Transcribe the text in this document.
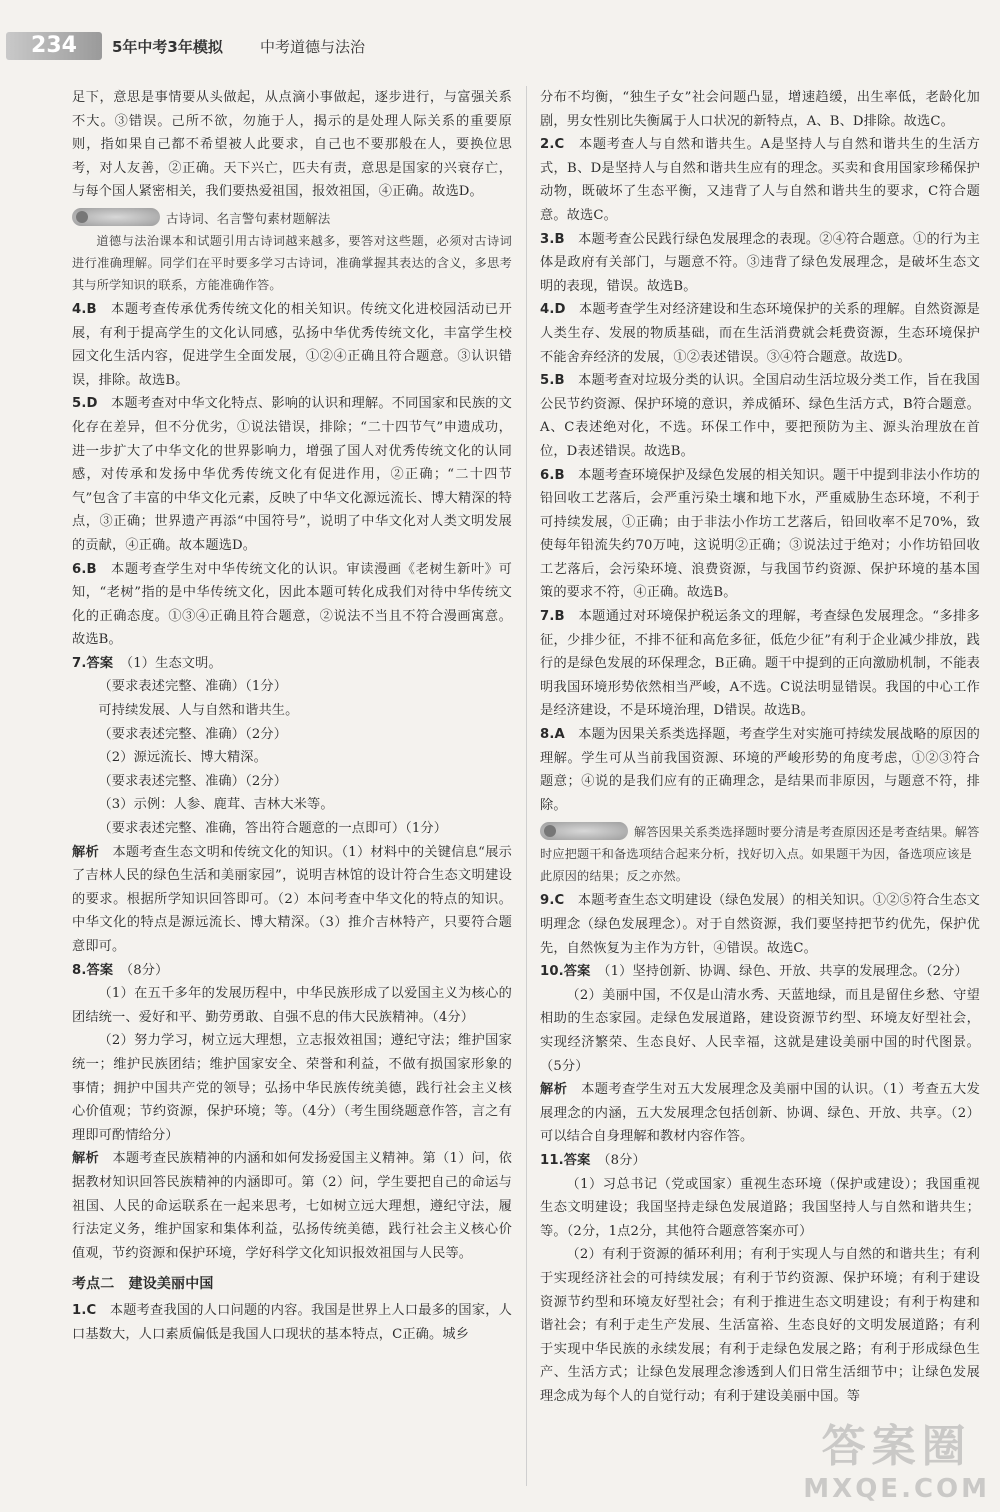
234	5年中考3年模拟 中考道德与法治

足下，意思是事情要从头做起，从点滴小事做起，逐步进行，与富强关系不大。③错误。己所不欲，勿施于人，揭示的是处理人际关系的重要原则，指如果自己都不希望被人此要求，自己也不要那般在人，要换位思考，对人友善，②正确。天下兴亡，匹夫有责，意思是国家的兴衰存亡，与每个国人紧密相关，我们要热爱祖国，报效祖国，④正确。故选D。

古诗词、名言警句素材题解法

道德与法治课本和试题引用古诗词越来越多，要答对这些题，必须对古诗词进行准确理解。同学们在平时要多学习古诗词，准确掌握其表达的含义，多思考其与所学知识的联系，方能准确作答。

4.B　 本题考查传承优秀传统文化的相关知识。传统文化进校园活动已开展，有利于提高学生的文化认同感，弘扬中华优秀传统文化，丰富学生校园文化生活内容，促进学生全面发展，①②④正确且符合题意。③认识错误，排除。故选B。

5.D　 本题考查对中华文化特点、影响的认识和理解。不同国家和民族的文化存在差异，但不分优劣，①说法错误，排除；“二十四节气”申遗成功，进一步扩大了中华文化的世界影响力，增强了国人对优秀传统文化的认同感，对传承和发扬中华优秀传统文化有促进作用，②正确；“二十四节气”包含了丰富的中华文化元素，反映了中华文化源远流长、博大精深的特点，③正确；世界遗产再添“中国符号”，说明了中华文化对人类文明发展的贡献，④正确。故本题选D。

6.B　 本题考查学生对中华传统文化的认识。审读漫画《老树生新叶》可知，“老树”指的是中华传统文化，因此本题可转化成我们对待中华传统文化的正确态度。①③④正确且符合题意，②说法不当且不符合漫画寓意。故选B。

7.答案　 （1）生态文明。

（要求表述完整、准确）（1分）

可持续发展、人与自然和谐共生。

（要求表述完整、准确）（2分）

（2）源远流长、博大精深。

（要求表述完整、准确）（2分）

（3）示例：人参、鹿茸、吉林大米等。

（要求表述完整、准确，答出符合题意的一点即可）（1分）

解析　 本题考查生态文明和传统文化的知识。（1）材料中的关键信息“展示了吉林人民的绿色生活和美丽家园”，说明吉林馆的设计符合生态文明建设的要求。根据所学知识回答即可。（2）本问考查中华文化的特点的知识。中华文化的特点是源远流长、博大精深。（3）推介吉林特产，只要符合题意即可。

8.答案　 （8分）

（1）在五千多年的发展历程中，中华民族形成了以爱国主义为核心的团结统一、爱好和平、勤劳勇敢、自强不息的伟大民族精神。（4分）

（2）努力学习，树立远大理想，立志报效祖国；遵纪守法；维护国家统一；维护民族团结；维护国家安全、荣誉和利益，不做有损国家形象的事情；拥护中国共产党的领导；弘扬中华民族传统美德，践行社会主义核心价值观；节约资源，保护环境；等。（4分）（考生围绕题意作答，言之有理即可酌情给分）

解析　 本题考查民族精神的内涵和如何发扬爱国主义精神。第（1）问，依据教材知识回答民族精神的内涵即可。第（2）问，学生要把自己的命运与祖国、人民的命运联系在一起来思考，七如树立远大理想，遵纪守法，履行法定义务，维护国家和集体利益，弘扬传统美德，践行社会主义核心价值观，节约资源和保护环境，学好科学文化知识报效祖国与人民等。

考点二　建设美丽中国

1.C　 本题考查我国的人口问题的内容。我国是世界上人口最多的国家，人口基数大，人口素质偏低是我国人口现状的基本特点，C正确。城乡

分布不均衡，“独生子女”社会问题凸显，增速趋缓，出生率低，老龄化加剧，男女性别比失衡属于人口状况的新特点，A、B、D排除。故选C。

2.C　 本题考查人与自然和谐共生。A是坚持人与自然和谐共生的生活方式，B、D是坚持人与自然和谐共生应有的理念。买卖和食用国家珍稀保护动物，既破坏了生态平衡，又违背了人与自然和谐共生的要求，C符合题意。故选C。

3.B　 本题考查公民践行绿色发展理念的表现。②④符合题意。①的行为主体是政府有关部门，与题意不符。③违背了绿色发展理念，是破坏生态文明的表现，错误。故选B。

4.D　 本题考查学生对经济建设和生态环境保护的关系的理解。自然资源是人类生存、发展的物质基础，而在生活消费就会耗费资源，生态环境保护不能舍弃经济的发展，①②表述错误。③④符合题意。故选D。

5.B　 本题考查对垃圾分类的认识。全国启动生活垃圾分类工作，旨在我国公民节约资源、保护环境的意识，养成循环、绿色生活方式，B符合题意。A、C表述绝对化，不选。环保工作中，要把预防为主、源头治理放在首位，D表述错误。故选B。

6.B　 本题考查环境保护及绿色发展的相关知识。题干中提到非法小作坊的铅回收工艺落后，会严重污染土壤和地下水，严重威胁生态环境，不利于可持续发展，①正确；由于非法小作坊工艺落后，铅回收率不足70%，致使每年铅流失约70万吨，这说明②正确；③说法过于绝对；小作坊铅回收工艺落后，会污染环境、浪费资源，与我国节约资源、保护环境的基本国策的要求不符，④正确。故选B。

7.B　 本题通过对环境保护税运条文的理解，考查绿色发展理念。“多排多征，少排少征，不排不征和高危多征，低危少征”有利于企业减少排放，践行的是绿色发展的环保理念，B正确。题干中提到的正向激励机制，不能表明我国环境形势依然相当严峻，A不选。C说法明显错误。我国的中心工作是经济建设，不是环境治理，D错误。故选B。

8.A　 本题为因果关系类选择题，考查学生对实施可持续发展战略的原因的理解。学生可从当前我国资源、环境的严峻形势的角度考虑，①②③符合题意；④说的是我们应有的正确理念，是结果而非原因，与题意不符，排除。

解答因果关系类选择题时要分清是考查原因还是考查结果。解答时应把题干和备选项结合起来分析，找好切入点。如果题干为因，备选项应该是此原因的结果；反之亦然。

9.C　 本题考查生态文明建设（绿色发展）的相关知识。①②⑤符合生态文明理念（绿色发展理念）。对于自然资源，我们要坚持把节约优先，保护优先，自然恢复为主作为方针，④错误。故选C。

10.答案　 （1）坚持创新、协调、绿色、开放、共享的发展理念。（2分）

（2）美丽中国，不仅是山清水秀、天蓝地绿，而且是留住乡愁、守望相助的生态家园。走绿色发展道路，建设资源节约型、环境友好型社会，实现经济繁荣、生态良好、人民幸福，这就是建设美丽中国的时代图景。（5分）

解析　 本题考查学生对五大发展理念及美丽中国的认识。（1）考查五大发展理念的内涵，五大发展理念包括创新、协调、绿色、开放、共享。（2）可以结合自身理解和教材内容作答。

11.答案　 （8分）

（1）习总书记（党或国家）重视生态环境（保护或建设）；我国重视生态文明建设；我国坚持走绿色发展道路；我国坚持人与自然和谐共生；等。（2分，1点2分，其他符合题意答案亦可）

（2）有利于资源的循环利用；有利于实现人与自然的和谐共生；有利于实现经济社会的可持续发展；有利于节约资源、保护环境；有利于建设资源节约型和环境友好型社会；有利于推进生态文明建设；有利于构建和谐社会；有利于走生产发展、生活富裕、生态良好的文明发展道路；有利于实现中华民族的永续发展；有利于走绿色发展之路；有利于形成绿色生产、生活方式；让绿色发展理念渗透到人们日常生活细节中；让绿色发展理念成为每个人的自觉行动；有利于建设美丽中国。等

答案圈
MXQE.COM
